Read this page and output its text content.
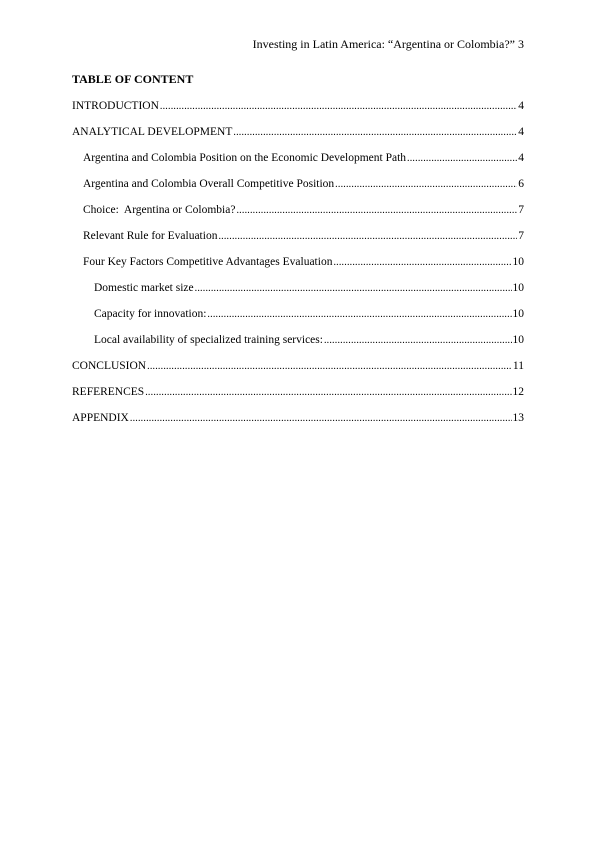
Investing in Latin America: “Argentina or Colombia?” 3
TABLE OF CONTENT
INTRODUCTION .....	4
ANALYTICAL DEVELOPMENT .....	4
Argentina and Colombia Position on the Economic Development Path .....	4
Argentina and Colombia Overall Competitive Position .....	6
Choice:  Argentina or Colombia? .....	7
Relevant Rule for Evaluation .....	7
Four Key Factors Competitive Advantages Evaluation .....	10
Domestic market size .....	10
Capacity for innovation: .....	10
Local availability of specialized training services: .....	10
CONCLUSION .....	11
REFERENCES .....	12
APPENDIX .....	13
